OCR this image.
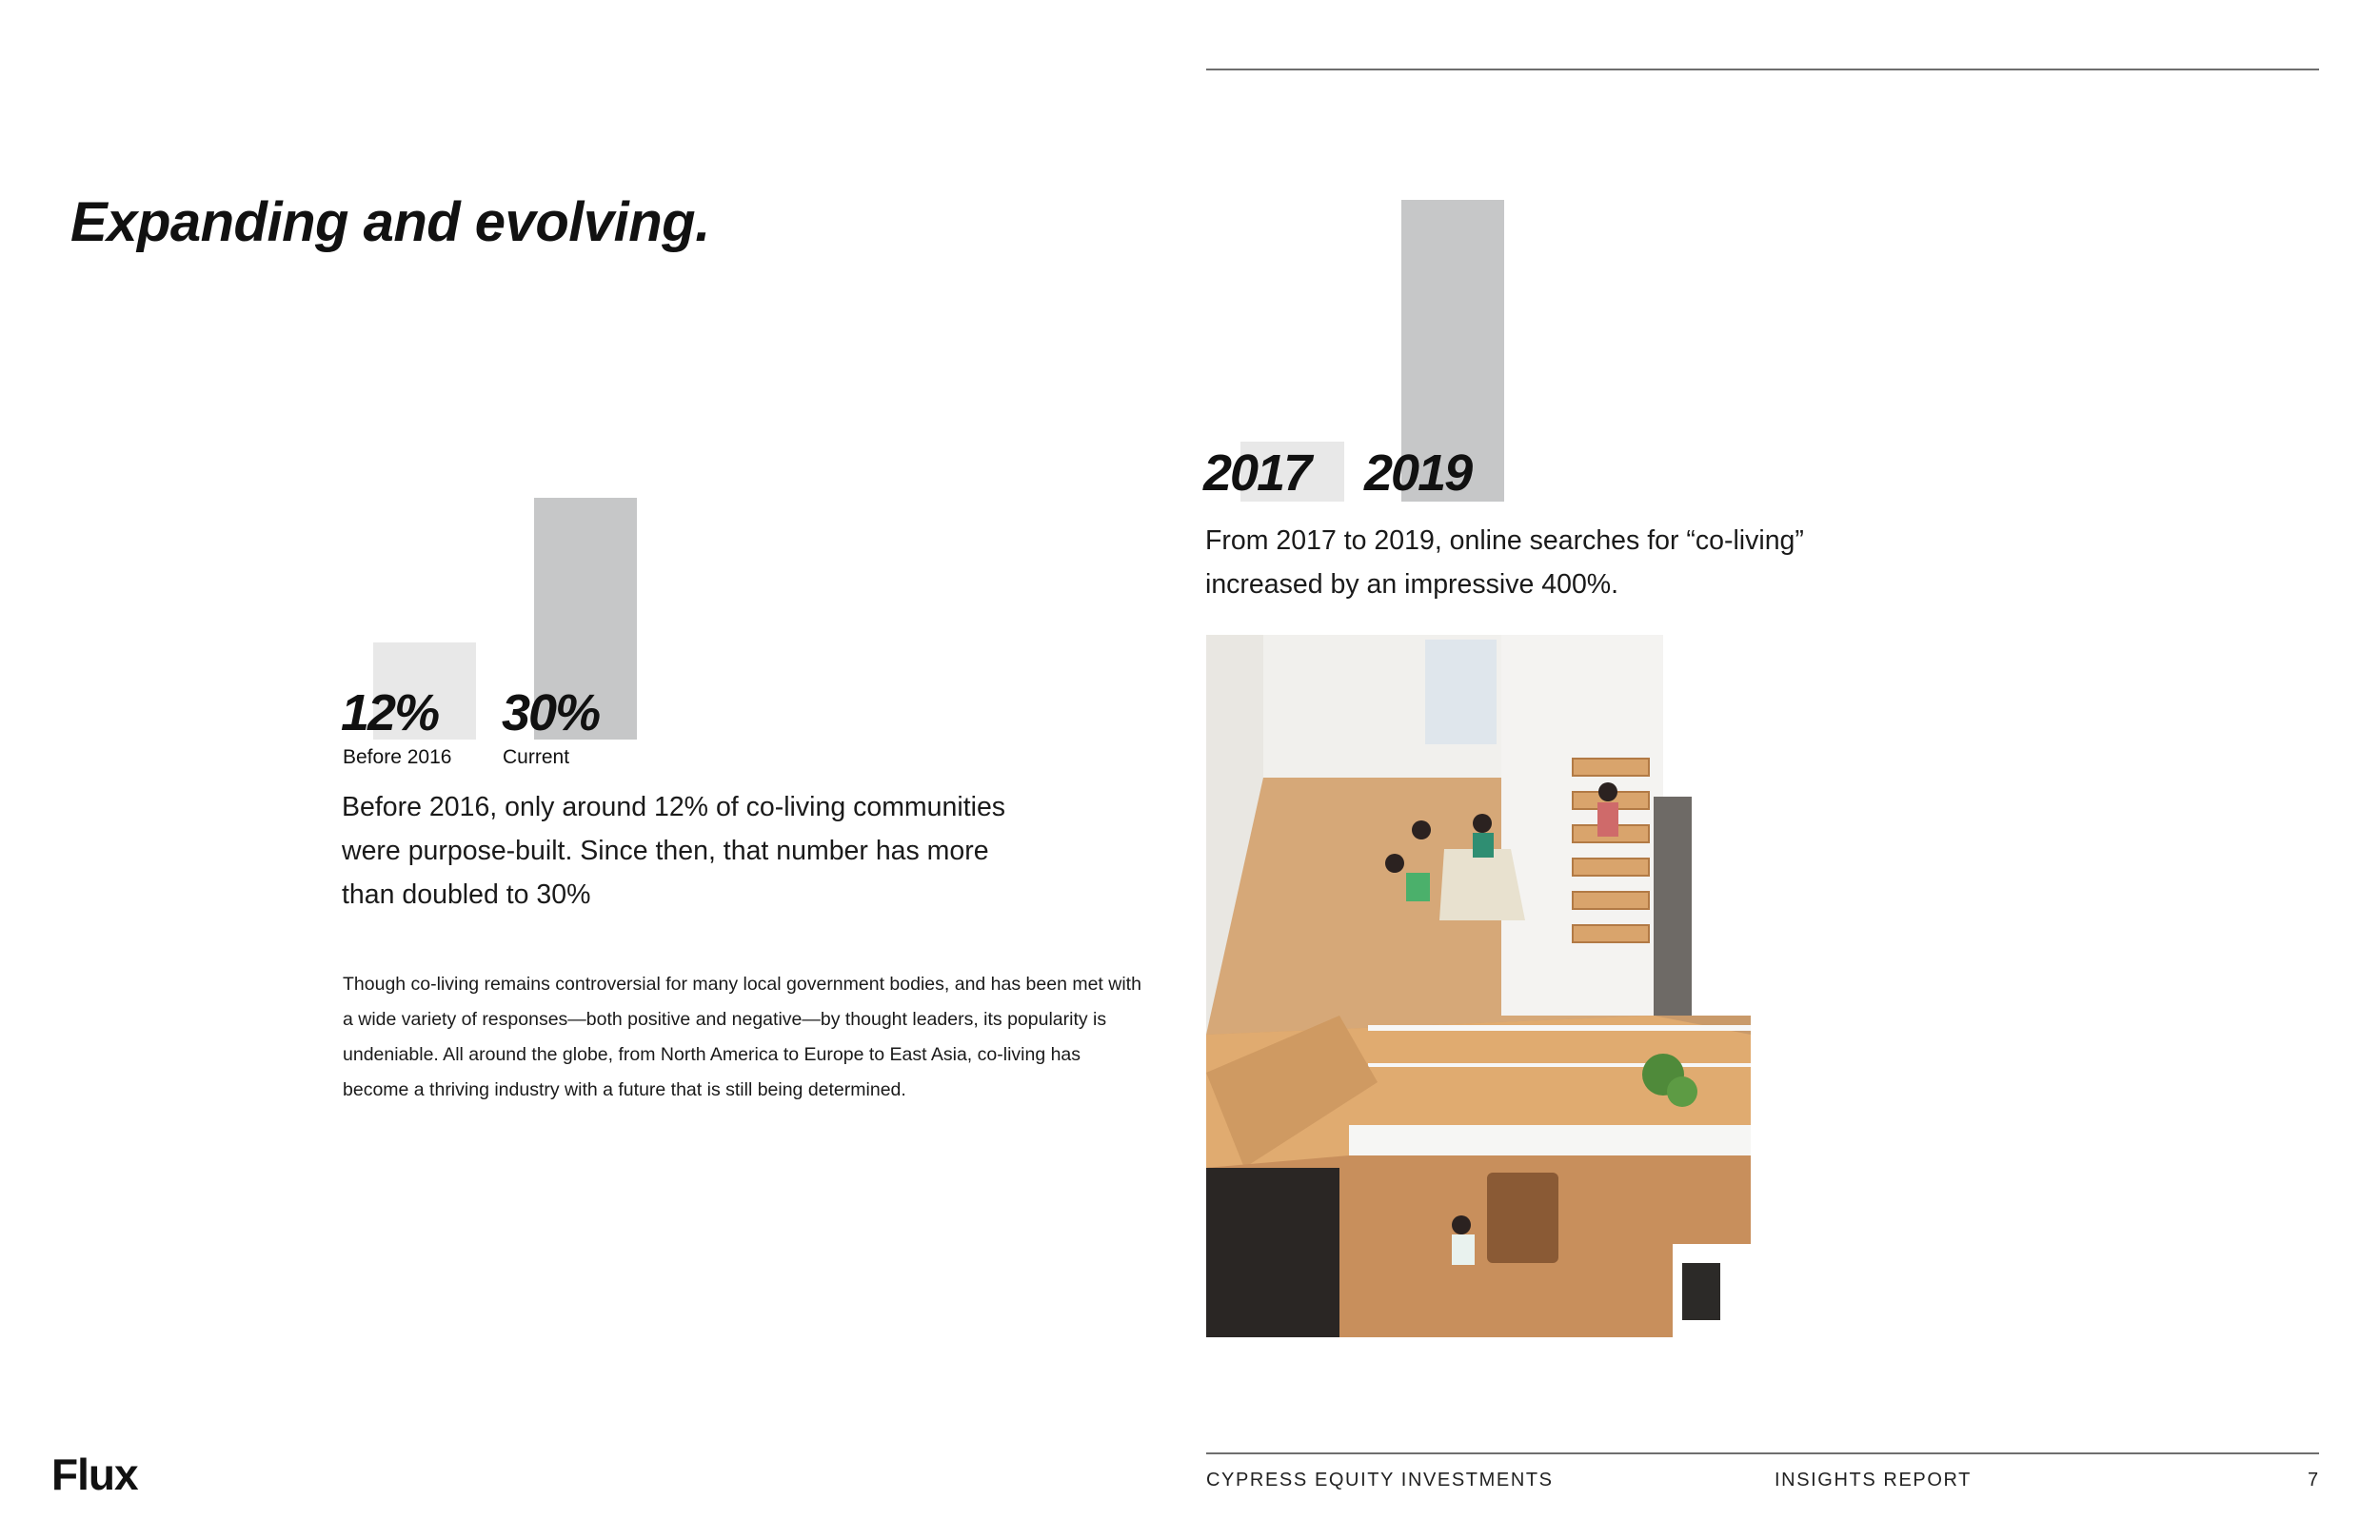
Expanding and evolving.
12% 30%
Before 2016	Current

Before 2016, only around 12% of co-living communities were purpose-built. Since then, that number has more than doubled to 30%

Though co-living remains controversial for many local government bodies, and has been met with a wide variety of responses—both positive and negative—by thought leaders, its popularity is undeniable. All around the globe, from North America to Europe to East Asia, co-living has become a thriving industry with a future that is still being determined.

2017 2019

From 2017 to 2019, online searches for “co-living” increased by an impressive 400%.

Flux	CYPRESS EQUITY INVESTMENTS	INSIGHTS REPORT	7
